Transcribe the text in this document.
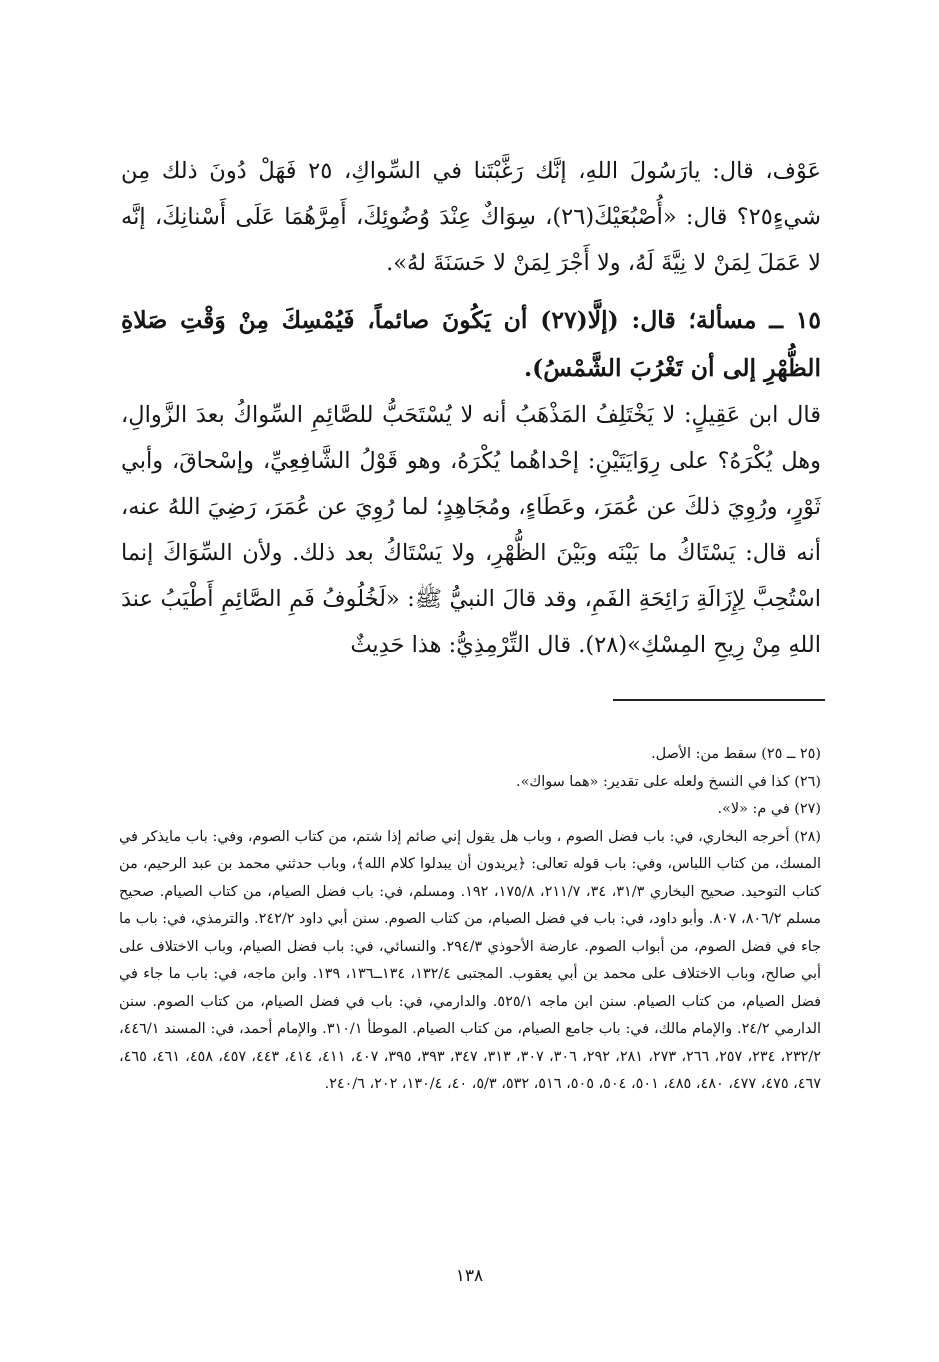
عَوْف، قال: يارَسُولَ اللهِ، إنَّك رَغَّبْتَنا في السِّواكِ، ٢٥ فَهَلْ دُونَ ذلك مِن شيءٍ٢٥؟ قال: «أُصْبُعَيْكَ(٢٦)، سِوَاكٌ عِنْدَ وُضُوئِكَ، أَمِرَّهُمَا عَلَى أَسْنانِكَ، إنَّه لا عَمَلَ لِمَنْ لا نِيَّةَ لَهُ، ولا أَجْرَ لِمَنْ لا حَسَنَةَ لهُ».
١٥ ــ مسألة؛ قال: (إلَّا(٢٧) أن يَكُونَ صائماً، فَيُمْسِكَ مِنْ وَقْتِ صَلاةِ الظُّهْرِ إلى أن تَغْرُبَ الشَّمْسُ).
قال ابن عَقِيلٍ: لا يَخْتَلِفُ المَذْهَبُ أنه لا يُسْتَحَبُّ للصَّائِمِ السِّواكُ بعدَ الزَّوالِ، وهل يُكْرَهُ؟ على رِوَايَتَيْنِ: إحْداهُما يُكْرَهُ، وهو قَوْلُ الشَّافِعِيِّ، وإسْحاقَ، وأبي ثَوْرٍ، ورُوِيَ ذلكَ عن عُمَرَ، وعَطَاءٍ، ومُجَاهِدٍ؛ لما رُوِيَ عن عُمَرَ، رَضِيَ اللهُ عنه، أنه قال: يَسْتَاكُ ما بَيْنَه وبَيْنَ الظُّهْرِ، ولا يَسْتَاكُ بعد ذلك. ولأن السِّوَاكَ إنما اسْتُحِبَّ لِإِزَالَةِ رَائِحَةِ الفَمِ، وقد قالَ النبيُّ ﷺ: «لَخُلُوفُ فَمِ الصَّائِمِ أَطْيَبُ عندَ اللهِ مِنْ رِيحِ المِسْكِ»(٢٨). قال التِّرْمِذِيُّ: هذا حَدِيثٌ

(٢٥ ــ ٢٥) سقط من: الأصل.

(٢٦) كذا في النسخ ولعله على تقدير: «هما سواك».

(٢٧) في م: «لا».

(٢٨) أخرجه البخاري، في: باب فضل الصوم ، وباب هل يقول إني صائم إذا شتم، من كتاب الصوم، وفي: باب مايذكر في المسك، من كتاب اللباس، وفي: باب قوله تعالى: ﴿يريدون أن يبدلوا كلام الله﴾، وباب حدثني محمد بن عبد الرحيم، من كتاب التوحيد. صحيح البخاري ٣١/٣، ٣٤، ٢١١/٧، ١٧٥/٨، ١٩٢. ومسلم، في: باب فضل الصيام، من كتاب الصيام. صحيح مسلم ٨٠٦/٢، ٨٠٧. وأبو داود، في: باب في فضل الصيام، من كتاب الصوم. سنن أبي داود ٢٤٢/٢. والترمذي، في: باب ما جاء في فضل الصوم، من أبواب الصوم. عارضة الأحوذي ٢٩٤/٣. والنسائي، في: باب فضل الصيام، وباب الاختلاف على أبي صالح، وباب الاختلاف على محمد بن أبي يعقوب. المجتبى ١٣٢/٤، ١٣٤ــ١٣٦، ١٣٩. وابن ماجه، في: باب ما جاء في فضل الصيام، من كتاب الصيام. سنن ابن ماجه ٥٢٥/١. والدارمي، في: باب في فضل الصيام، من كتاب الصوم. سنن الدارمي ٢٤/٢. والإمام مالك، في: باب جامع الصيام، من كتاب الصيام. الموطأ ٣١٠/١. والإمام أحمد، في: المسند ٤٤٦/١، ٢٣٢/٢، ٢٣٤، ٢٥٧، ٢٦٦، ٢٧٣، ٢٨١، ٢٩٢، ٣٠٦، ٣٠٧، ٣١٣، ٣٤٧، ٣٩٣، ٣٩٥، ٤٠٧، ٤١١، ٤١٤، ٤٤٣، ٤٥٧، ٤٥٨، ٤٦١، ٤٦٥، ٤٦٧، ٤٧٥، ٤٧٧، ٤٨٠، ٤٨٥، ٥٠١، ٥٠٤، ٥٠٥، ٥١٦، ٥٣٢، ٥/٣، ٤٠، ١٣٠/٤، ٢٠٢، ٢٤٠/٦.

١٣٨
